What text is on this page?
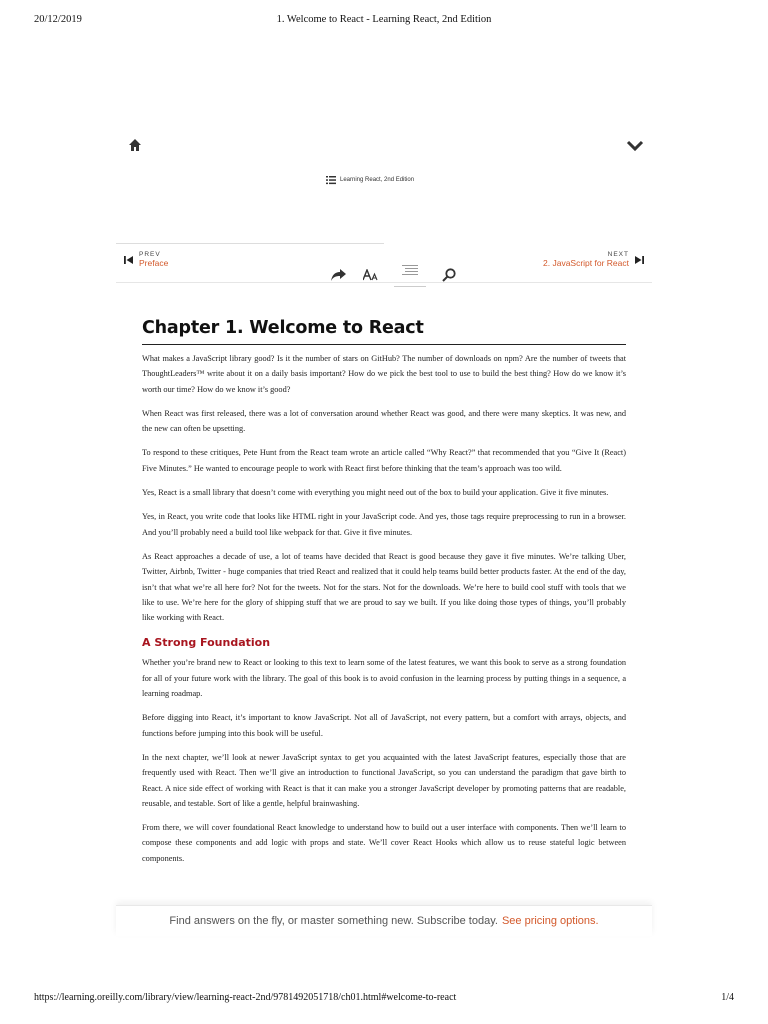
20/12/2019	1. Welcome to React - Learning React, 2nd Edition
Learning React, 2nd Edition
PREV
Preface
NEXT
2. JavaScript for React
Chapter 1. Welcome to React

What makes a JavaScript library good? Is it the number of stars on GitHub? The number of downloads on npm? Are the number of tweets that ThoughtLeaders™ write about it on a daily basis important? How do we pick the best tool to use to build the best thing? How do we know it’s worth our time? How do we know it’s good?

When React was first released, there was a lot of conversation around whether React was good, and there were many skeptics. It was new, and the new can often be upsetting.

To respond to these critiques, Pete Hunt from the React team wrote an article called “Why React?” that recommended that you “Give It (React) Five Minutes.” He wanted to encourage people to work with React first before thinking that the team’s approach was too wild.

Yes, React is a small library that doesn’t come with everything you might need out of the box to build your application. Give it five minutes.

Yes, in React, you write code that looks like HTML right in your JavaScript code. And yes, those tags require preprocessing to run in a browser. And you’ll probably need a build tool like webpack for that. Give it five minutes.

As React approaches a decade of use, a lot of teams have decided that React is good because they gave it five minutes. We’re talking Uber, Twitter, Airbnb, Twitter - huge companies that tried React and realized that it could help teams build better products faster. At the end of the day, isn’t that what we’re all here for? Not for the tweets. Not for the stars. Not for the downloads. We’re here to build cool stuff with tools that we like to use. We’re here for the glory of shipping stuff that we are proud to say we built. If you like doing those types of things, you’ll probably like working with React.

A Strong Foundation

Whether you’re brand new to React or looking to this text to learn some of the latest features, we want this book to serve as a strong foundation for all of your future work with the library. The goal of this book is to avoid confusion in the learning process by putting things in a sequence, a learning roadmap.

Before digging into React, it’s important to know JavaScript. Not all of JavaScript, not every pattern, but a comfort with arrays, objects, and functions before jumping into this book will be useful.

In the next chapter, we’ll look at newer JavaScript syntax to get you acquainted with the latest JavaScript features, especially those that are frequently used with React. Then we’ll give an introduction to functional JavaScript, so you can understand the paradigm that gave birth to React. A nice side effect of working with React is that it can make you a stronger JavaScript developer by promoting patterns that are readable, reusable, and testable. Sort of like a gentle, helpful brainwashing.

From there, we will cover foundational React knowledge to understand how to build out a user interface with components. Then we’ll learn to compose these components and add logic with props and state. We’ll cover React Hooks which allow us to reuse stateful logic between components.

Find answers on the fly, or master something new. Subscribe today. See pricing options.
https://learning.oreilly.com/library/view/learning-react-2nd/9781492051718/ch01.html#welcome-to-react	1/4
